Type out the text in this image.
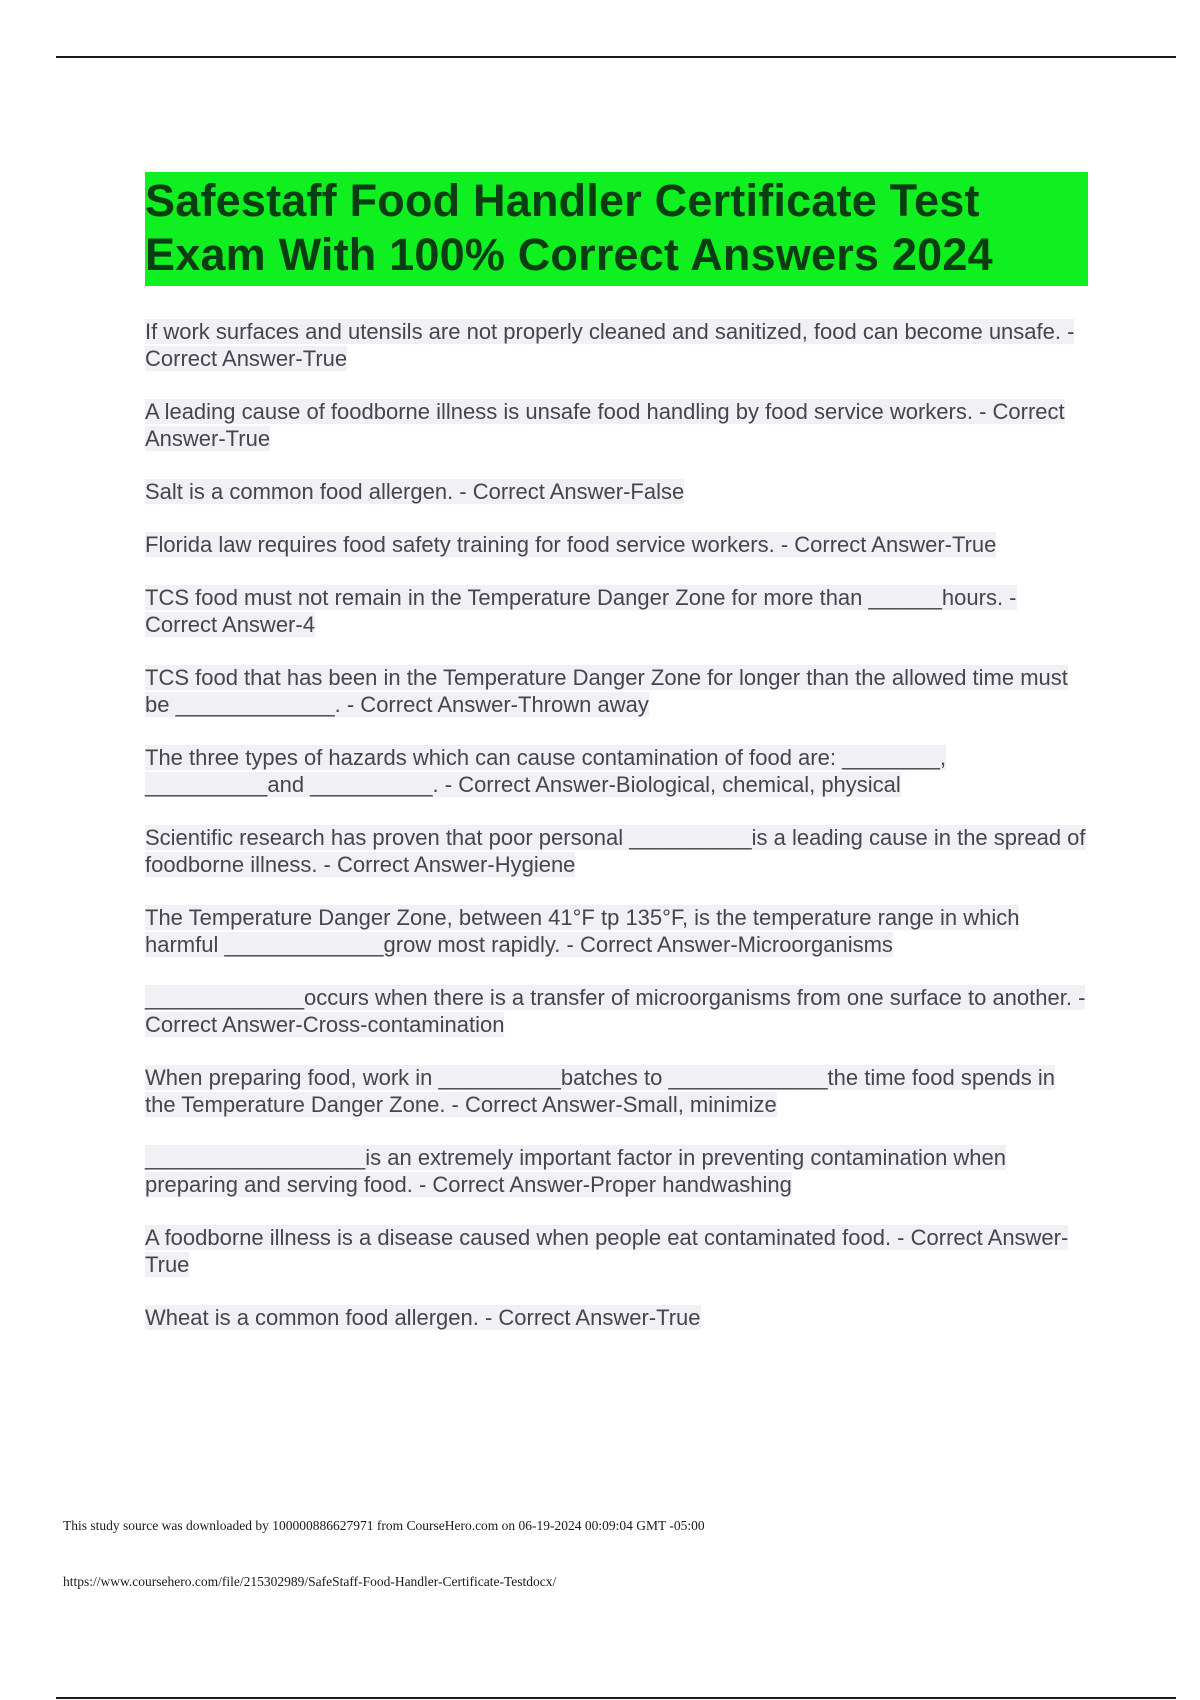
Safestaff Food Handler Certificate Test Exam With 100% Correct Answers 2024
If work surfaces and utensils are not properly cleaned and sanitized, food can become unsafe. - Correct Answer-True
A leading cause of foodborne illness is unsafe food handling by food service workers. - Correct Answer-True
Salt is a common food allergen. - Correct Answer-False
Florida law requires food safety training for food service workers. - Correct Answer-True
TCS food must not remain in the Temperature Danger Zone for more than ______hours. - Correct Answer-4
TCS food that has been in the Temperature Danger Zone for longer than the allowed time must be _____________. - Correct Answer-Thrown away
The three types of hazards which can cause contamination of food are: ________, __________and __________. - Correct Answer-Biological, chemical, physical
Scientific research has proven that poor personal __________is a leading cause in the spread of foodborne illness. - Correct Answer-Hygiene
The Temperature Danger Zone, between 41°F tp 135°F, is the temperature range in which harmful _____________grow most rapidly. - Correct Answer-Microorganisms
_____________occurs when there is a transfer of microorganisms from one surface to another. - Correct Answer-Cross-contamination
When preparing food, work in __________batches to _____________the time food spends in the Temperature Danger Zone. - Correct Answer-Small, minimize
__________________is an extremely important factor in preventing contamination when preparing and serving food. - Correct Answer-Proper handwashing
A foodborne illness is a disease caused when people eat contaminated food. - Correct Answer-True
Wheat is a common food allergen. - Correct Answer-True
This study source was downloaded by 100000886627971 from CourseHero.com on 06-19-2024 00:09:04 GMT -05:00
https://www.coursehero.com/file/215302989/SafeStaff-Food-Handler-Certificate-Testdocx/
